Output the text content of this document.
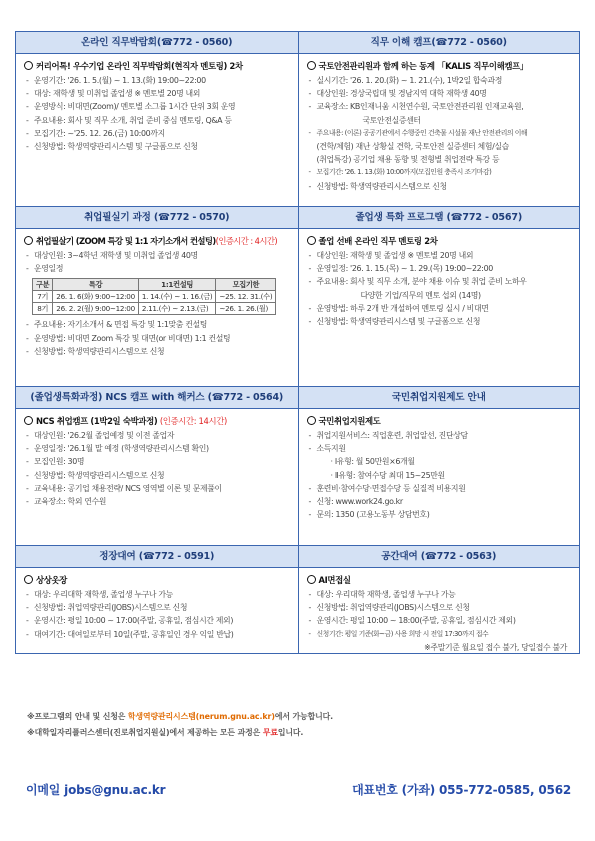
온라인 직무박람회(☎772 - 0560)
커리어톡! 우수기업 온라인 직무박람회(현직자 멘토링) 2차
- 운영기간: '26. 1. 5.(월) ~ 1. 13.(화) 19:00~22:00
- 대상: 재학생 및 미취업 졸업생 ※ 멘토별 20명 내외
- 운영방식: 비대면(Zoom)/ 멘토별 소그룹 1시간 단위 3회 운영
- 주요내용: 회사 및 직무 소개, 취업 준비 중심 멘토링, Q&A 등
- 모집기간: ~'25. 12. 26.(금) 10:00까지
- 신청방법: 학생역량관리시스템 및 구글폼으로 신청
직무 이해 캠프(☎772 - 0560)
국토안전관리원과 함께 하는 동계 「KALIS 직무이해캠프」
- 실시기간: '26. 1. 20.(화) ~ 1. 21.(수), 1박2일 합숙과정
- 대상인원: 경상국립대 및 경남지역 대학 재학생 40명
- 교육장소: KB인재니움 시천연수원, 국토안전관리원 인재교육원,
국토안전실증센터
- 주요내용: (이론) 공공기관에서 수행중인 건축물 시설물 재난 안전관리의 이해
(견학/체험) 재난 상황실 견학, 국토안전 실증센터 체험/실습
(취업특강) 공기업 채용 동향 및 전형별 취업전략 특강 등
- 모집기간: '26. 1. 13.(화) 10:00까지(모집인원 충족시 조기마감)
- 신청방법: 학생역량관리시스템으로 신청
취업필실기 과정 (☎772 - 0570)
취업필살기 (ZOOM 특강 및 1:1 자기소개서 컨설팅)(인증시간 : 4시간)
- 대상인원: 3~4학년 재학생 및 미취업 졸업생 40명
- 운영일정
구분	특강	1:1컨설팅	모집기한
7기	26. 1. 6(화) 9:00~12:00	1. 14.(수) ~ 1. 16.(금)	~25. 12. 31.(수)
8기	26. 2. 2(월) 9:00~12:00	2.11.(수) ~ 2.13.(금)	~26. 1. 26.(월)
- 주요내용: 자기소개서 & 면접 특강 및 1:1맞춤 컨설팅
- 운영방법: 비대면 Zoom 특강 및 대면(or 비대면) 1:1 컨설팅
- 신청방법: 학생역량관리시스템으로 신청
졸업생 특화 프로그램 (☎772 - 0567)
졸업 선배 온라인 직무 멘토링 2차
- 대상인원: 재학생 및 졸업생 ※ 멘토별 20명 내외
- 운영일정: '26. 1. 15.(목) ~ 1. 29.(목) 19:00~22:00
- 주요내용: 회사 및 직무 소개, 분야 채용 이슈 및 취업 준비 노하우
다양한 기업/직무의 멘토 섭외 (14명)
- 운영방법: 하루 2개 반 개설하여 멘토링 실시 / 비대면
- 신청방법: 학생역량관리시스템 및 구글폼으로 신청
(졸업생특화과정) NCS 캠프 with 해커스 (☎772 - 0564)
NCS 취업캠프 (1박2일 숙박과정) (인증시간: 14시간)
- 대상인원: '26.2월 졸업예정 및 이전 졸업자
- 운영일정: '26.1월 말 예정 (학생역량관리시스템 확인)
- 모집인원: 30명
- 신청방법: 학생역량관리시스템으로 신청
- 교육내용: 공기업 채용전략/ NCS 영역별 이론 및 문제풀이
- 교육장소: 학외 연수원
국민취업지원제도 안내
국민취업지원제도
- 취업지원서비스: 직업훈련, 취업알선, 진단상담
- 소득지원
· Ⅰ유형: 월 50만원×6개월
· Ⅱ유형: 참여수당 최대 15~25만원
- 훈련비·참여수당·면접수당 등 실질적 비용지원
- 신청: www.work24.go.kr
- 문의: 1350 (고용노동부 상담번호)
정장대여 (☎772 - 0591)
상상옷장
- 대상: 우리대학 재학생, 졸업생 누구나 가능
- 신청방법: 취업역량관리(JOBS)시스템으로 신청
- 운영시간: 평일 10:00 ~ 17:00(주말, 공휴일, 점심시간 제외)
- 대여기간: 대여일로부터 10일(주말, 공휴일인 경우 익일 반납)
공간대여 (☎772 - 0563)
AI면접실
- 대상: 우리대학 재학생, 졸업생 누구나 가능
- 신청방법: 취업역량관리(JOBS)시스템으로 신청
- 운영시간: 평일 10:00 ~ 18:00(주말, 공휴일, 점심시간 제외)
- 신청기간: 평일 기준(화~금) 사용 희망 시 전일 17:30까지 접수
※주말기준 월요일 접수 불가, 당일접수 불가
※프로그램의 안내 및 신청은 학생역량관리시스템(nerum.gnu.ac.kr)에서 가능합니다.
※대학일자리플러스센터(진로취업지원실)에서 제공하는 모든 과정은 무료입니다.
이메일 jobs@gnu.ac.kr	대표번호 (가좌) 055-772-0585, 0562
